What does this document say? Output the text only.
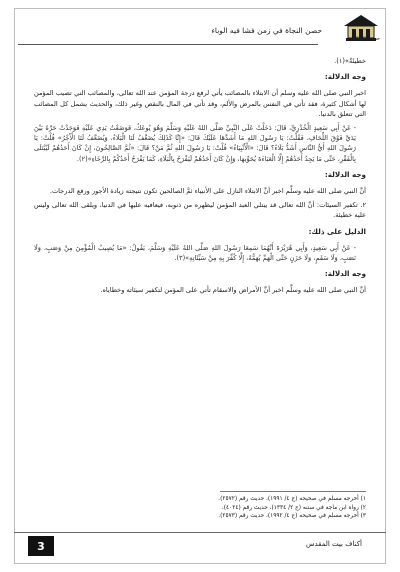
حصن النجاة في زمن فشا فيه الوباء
حصن الإسلام

خطيئَةٌ»(١).

وجه الدلالة:

اخبر النبي صلى الله عليه وسلم أن الابتلاء بالمصائب يأتي لرفع درجة المؤمن عند الله تعالى، والمصائب التي تصيب المؤمن لها أشكال كثيرة، فقد تأتي في النفس بالمرض والألم، وقد تأتي في المال بالنقص وغير ذلك، والحديث يشمل كل المصائب التي تتعلق بالدنيا.

- عَنْ أَبِي سَعِيدٍ الْخُدْرِيِّ، قَالَ: دَخَلْتُ عَلَى النَّبِيِّ صَلَّى اللهُ عَلَيْهِ وَسَلَّمَ وَهُوَ يُوعَكُ، فَوَضَعْتُ يَدِي عَلَيْهِ فَوَجَدْتُ حَرَّهُ بَيْنَ يَدَيَّ فَوْقَ اللِّحَافِ، فَقُلْتُ: يَا رَسُولَ اللهِ مَا أَشَدَّهَا عَلَيْكَ قَالَ: «إِنَّا كَذَلِكَ يُضَعَّفُ لَنَا الْبَلَاءُ، وَيُضَعَّفُ لَنَا الْأَجْرُ» قُلْتُ: يَا رَسُولَ اللهِ أَيُّ النَّاسِ أَشَدُّ بَلَاءً؟ قَالَ: «الْأَنْبِيَاءُ» قُلْتُ: يَا رَسُولَ اللهِ ثُمَّ مَنْ؟ قَالَ: «ثُمَّ الصَّالِحُونَ، إِنْ كَانَ أَحَدُهُمْ لَيُبْتَلَى بِالْفَقْرِ، حَتَّى مَا يَجِدُ أَحَدُهُمْ إِلَّا الْعَبَاءَةَ يُحَوِّيهَا، وَإِنْ كَانَ أَحَدُهُمْ لَيَفْرَحُ بِالْبَلَاءِ، كَمَا يَفْرَحُ أَحَدُكُمْ بِالرَّخَاءِ»(٢).

وجه الدلالة:

أنَّ النبي صلى الله عليه وسلَّم اخبر أنَّ الابتلاء النازل على الأنبياء ثمَّ الصالحين تكون نتيجته زيادة الأجور ورفع الدرجات.

٢. تكفير السيئات: أنَّ الله تعالى قد يبتلي العبد المؤمن ليطهره من ذنوبه، فيعافيه عليها في الدنيا، ويلقى الله تعالى وليس عليه خطيئة.

الدليل على ذلك:

- عَنْ أَبِي سَعِيدٍ، وَأَبِي هُرَيْرَةَ أَنَّهُمَا سَمِعَا رَسُولَ اللهِ صَلَّى اللهُ عَلَيْهِ وَسَلَّمَ، يَقُولُ: «مَا يُصِيبُ الْمُؤْمِنَ مِنْ وَصَبٍ، وَلَا نَصَبٍ، وَلَا سَقَمٍ، وَلَا حَزَنٍ حَتَّى الْهَمِّ يُهَمُّهُ، إِلَّا كُفِّرَ بِهِ مِنْ سَيِّئَاتِهِ»(٣).

وجه الدلالة:

أنَّ النبي صلى الله عليه وسلَّم اخبر أنَّ الأمراض والاسقام تأتي على المؤمن لتكفير سيئاته وخطاياه.

١) أخرجه مسلم في صحيحه (ج ٤/ ١٩٩١)، حديث رقم (٢٥٧٢).
٢) رواه ابن ماجه في سننه (ج ٢/ ١٣٣٤)، حديث رقم (٤٠٢٤).
٣) أخرجه مسلم في صحيحه (ج ٤/ ١٩٩٢)، حديث رقم (٢٥٧٣).
3	أكناف بيت المقدس
